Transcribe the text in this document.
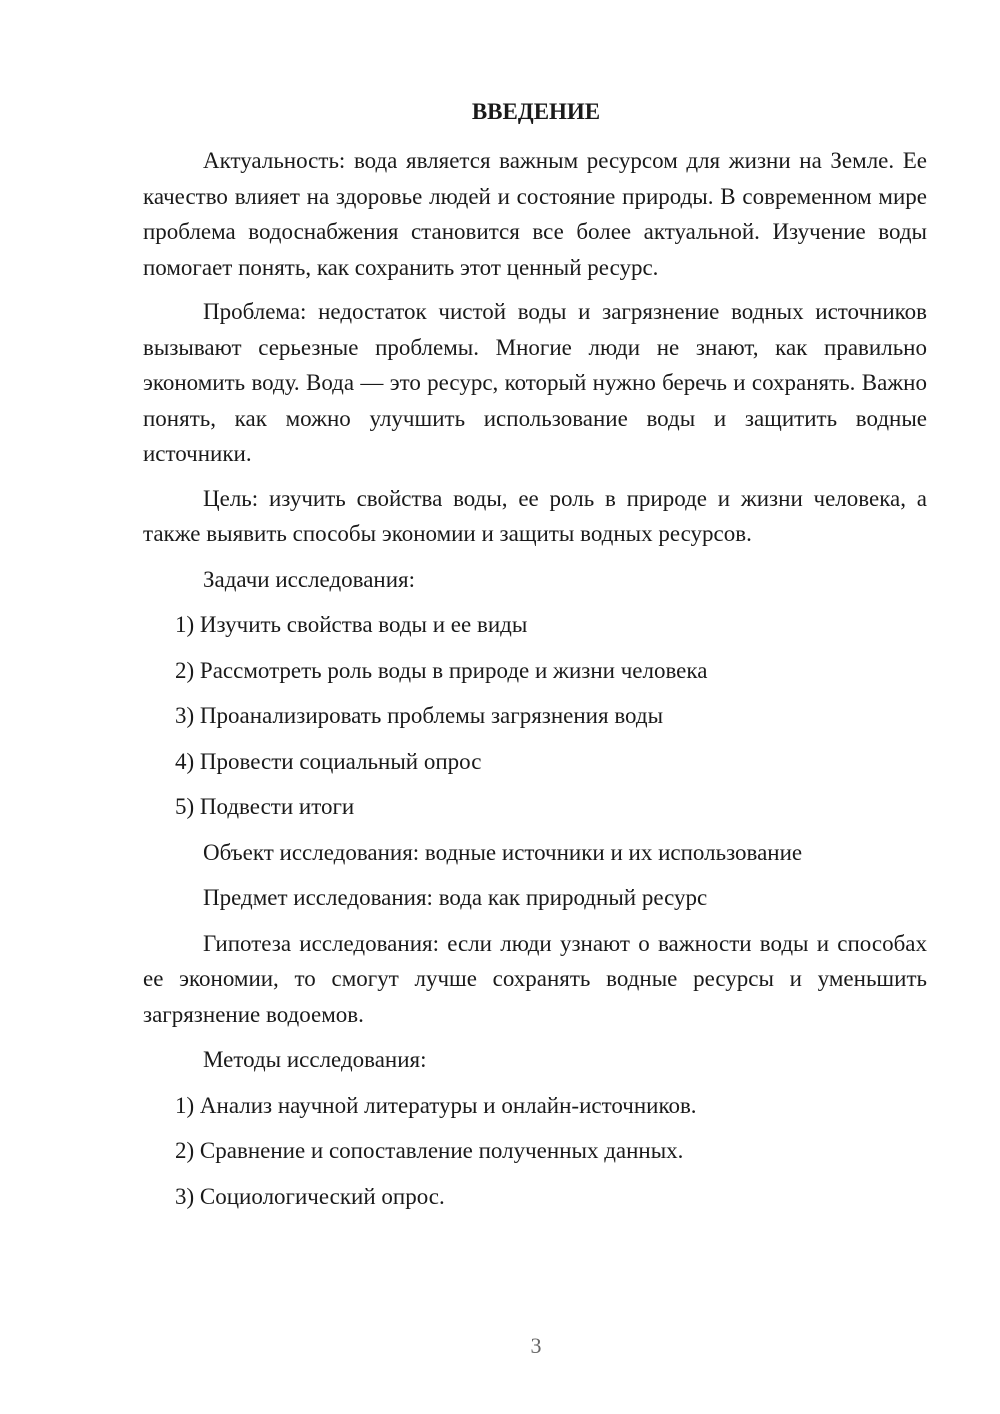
ВВЕДЕНИЕ

Актуальность: вода является важным ресурсом для жизни на Земле. Ее качество влияет на здоровье людей и состояние природы. В современном мире проблема водоснабжения становится все более актуальной. Изучение воды помогает понять, как сохранить этот ценный ресурс.

Проблема: недостаток чистой воды и загрязнение водных источников вызывают серьезные проблемы. Многие люди не знают, как правильно экономить воду. Вода — это ресурс, который нужно беречь и сохранять. Важно понять, как можно улучшить использование воды и защитить водные источники.

Цель: изучить свойства воды, ее роль в природе и жизни человека, а также выявить способы экономии и защиты водных ресурсов.

Задачи исследования:
1) Изучить свойства воды и ее виды
2) Рассмотреть роль воды в природе и жизни человека
3) Проанализировать проблемы загрязнения воды
4) Провести социальный опрос
5) Подвести итоги
Объект исследования: водные источники и их использование
Предмет исследования: вода как природный ресурс

Гипотеза исследования: если люди узнают о важности воды и способах ее экономии, то смогут лучше сохранять водные ресурсы и уменьшить загрязнение водоемов.

Методы исследования:
1) Анализ научной литературы и онлайн-источников.
2) Сравнение и сопоставление полученных данных.
3) Социологический опрос.
3
